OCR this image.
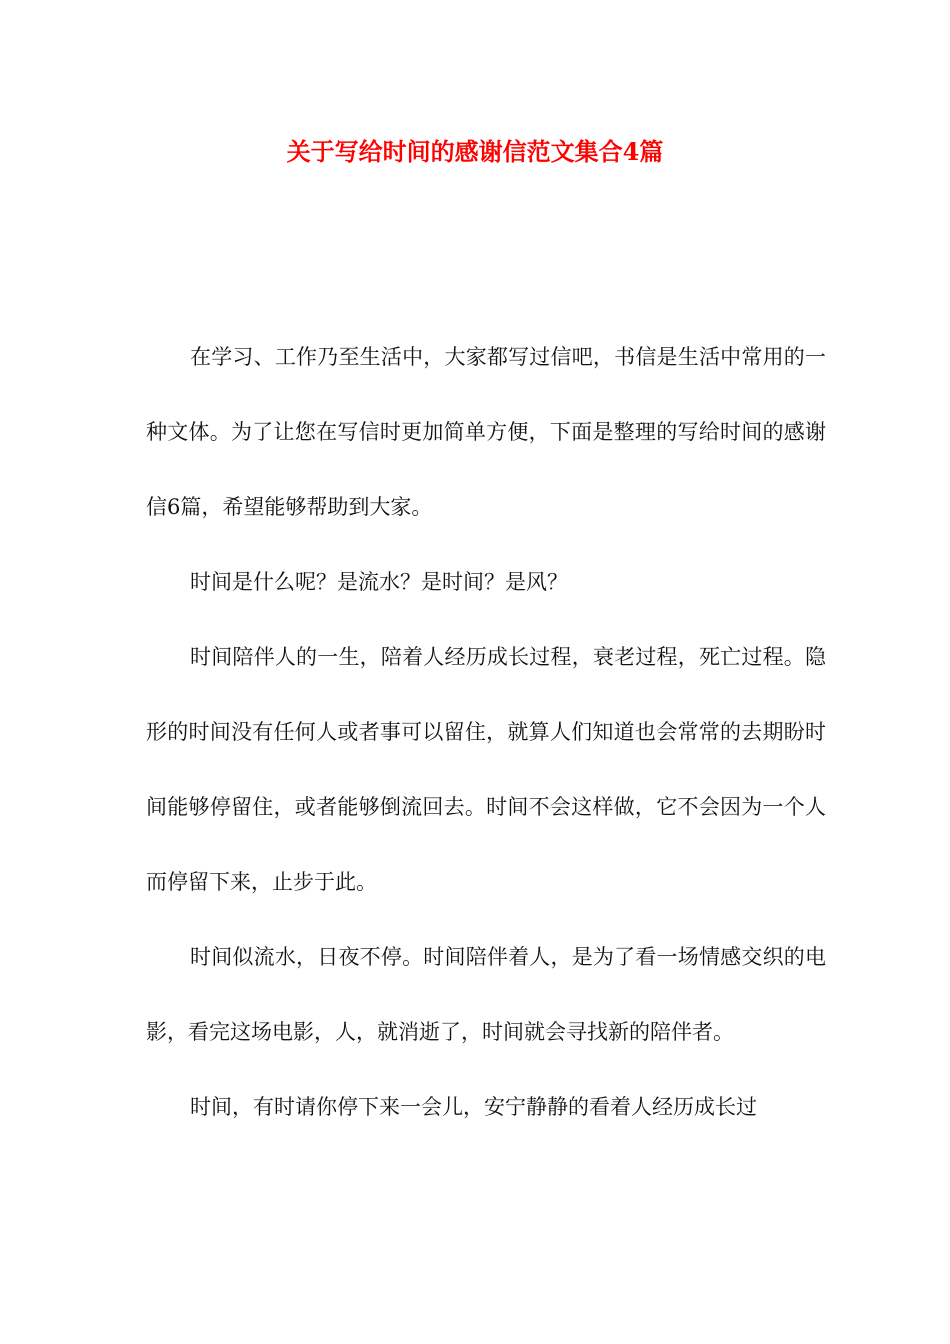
关于写给时间的感谢信范文集合4篇

在学习、工作乃至生活中，大家都写过信吧，书信是生活中常用的一种文体。为了让您在写信时更加简单方便，下面是整理的写给时间的感谢信6篇，希望能够帮助到大家。

时间是什么呢？是流水？是时间？是风？

时间陪伴人的一生，陪着人经历成长过程，衰老过程，死亡过程。隐形的时间没有任何人或者事可以留住，就算人们知道也会常常的去期盼时间能够停留住，或者能够倒流回去。时间不会这样做，它不会因为一个人而停留下来，止步于此。

时间似流水，日夜不停。时间陪伴着人，是为了看一场情感交织的电影，看完这场电影，人，就消逝了，时间就会寻找新的陪伴者。

时间，有时请你停下来一会儿，安宁静静的看着人经历成长过
